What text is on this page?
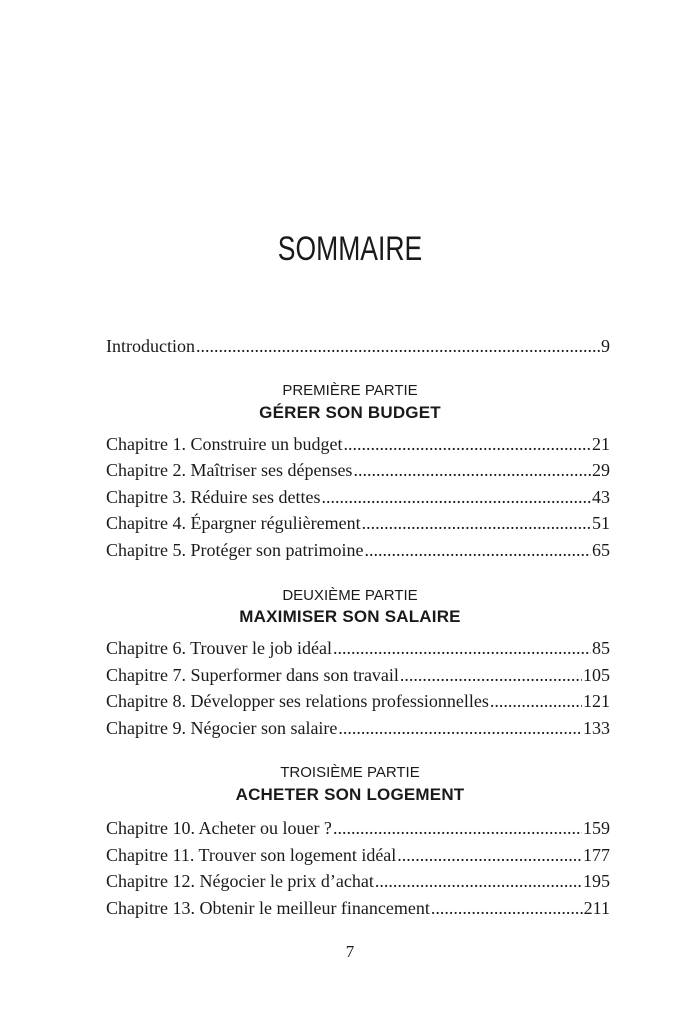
SOMMAIRE
Introduction .....	9
PREMIÈRE PARTIE
GÉRER SON BUDGET
Chapitre 1. Construire un budget .....	21
Chapitre 2. Maîtriser ses dépenses .....	29
Chapitre 3. Réduire ses dettes .....	43
Chapitre 4. Épargner régulièrement .....	51
Chapitre 5. Protéger son patrimoine .....	65
DEUXIÈME PARTIE
MAXIMISER SON SALAIRE
Chapitre 6. Trouver le job idéal .....	85
Chapitre 7. Superformer dans son travail .....	105
Chapitre 8. Développer ses relations professionnelles .....	121
Chapitre 9. Négocier son salaire .....	133
TROISIÈME PARTIE
ACHETER SON LOGEMENT
Chapitre 10. Acheter ou louer ? .....	159
Chapitre 11. Trouver son logement idéal .....	177
Chapitre 12. Négocier le prix d’achat .....	195
Chapitre 13. Obtenir le meilleur financement .....	211
7
